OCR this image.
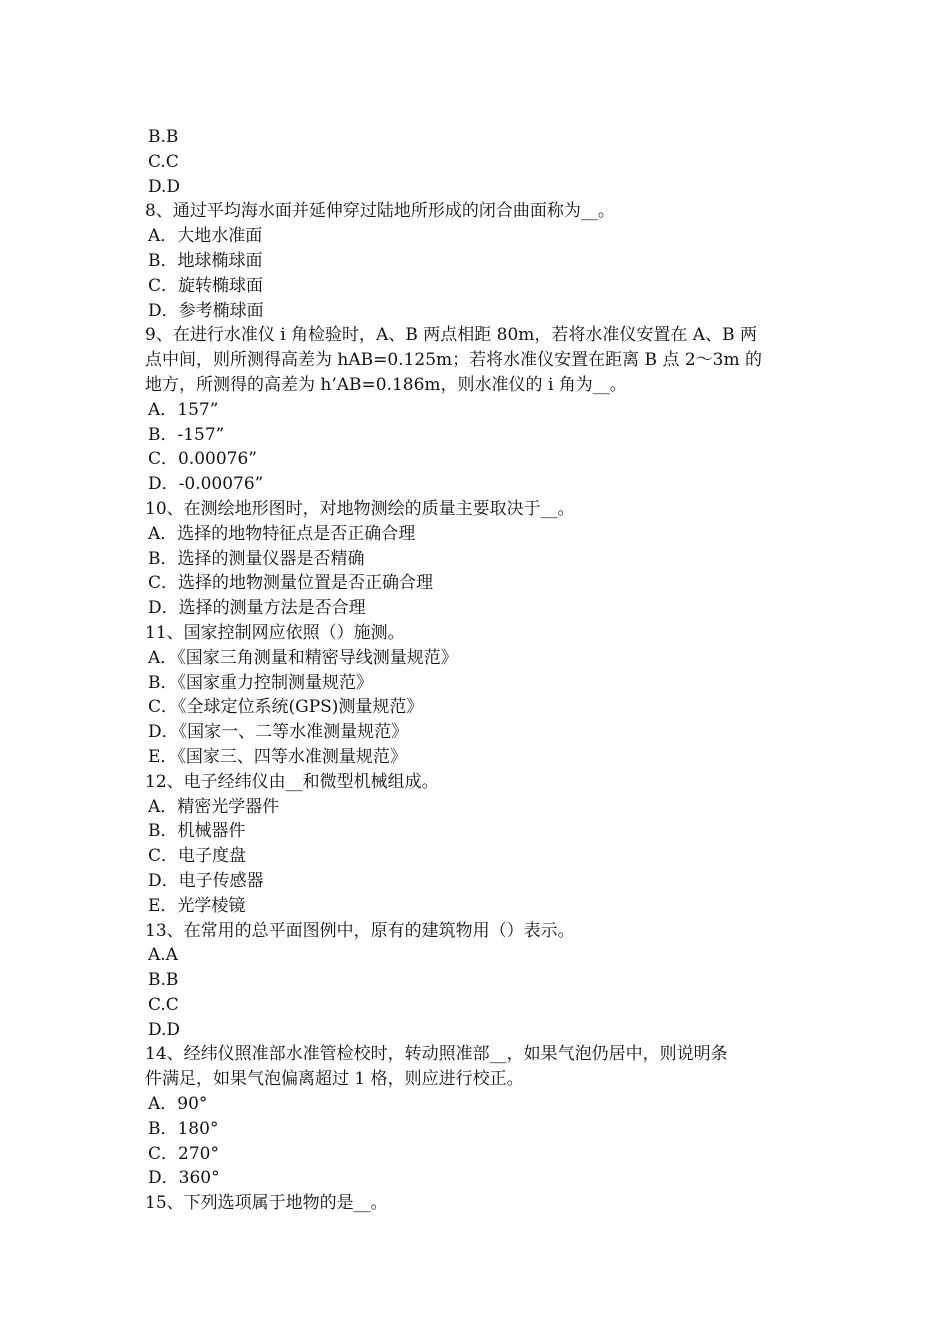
B.B
C.C
D.D
8、通过平均海水面并延伸穿过陆地所形成的闭合曲面称为__。
A．大地水准面
B．地球椭球面
C．旋转椭球面
D．参考椭球面
9、在进行水准仪 i 角检验时，A、B 两点相距 80m，若将水准仪安置在 A、B 两
点中间，则所测得高差为 hAB=0.125m；若将水准仪安置在距离 B 点 2～3m 的
地方，所测得的高差为 h’AB=0.186m，则水准仪的 i 角为__。
A．157”
B．-157”
C．0.00076”
D．-0.00076”
10、在测绘地形图时，对地物测绘的质量主要取决于__。
A．选择的地物特征点是否正确合理
B．选择的测量仪器是否精确
C．选择的地物测量位置是否正确合理
D．选择的测量方法是否合理
11、国家控制网应依照（）施测。
A．《国家三角测量和精密导线测量规范》
B．《国家重力控制测量规范》
C．《全球定位系统(GPS)测量规范》
D．《国家一、二等水准测量规范》
E．《国家三、四等水准测量规范》
12、电子经纬仪由__和微型机械组成。
A．精密光学器件
B．机械器件
C．电子度盘
D．电子传感器
E．光学棱镜
13、在常用的总平面图例中，原有的建筑物用（）表示。
A.A
B.B
C.C
D.D
14、经纬仪照准部水准管检校时，转动照准部__，如果气泡仍居中，则说明条
件满足，如果气泡偏离超过 1 格，则应进行校正。
A．90°
B．180°
C．270°
D．360°
15、下列选项属于地物的是__。
